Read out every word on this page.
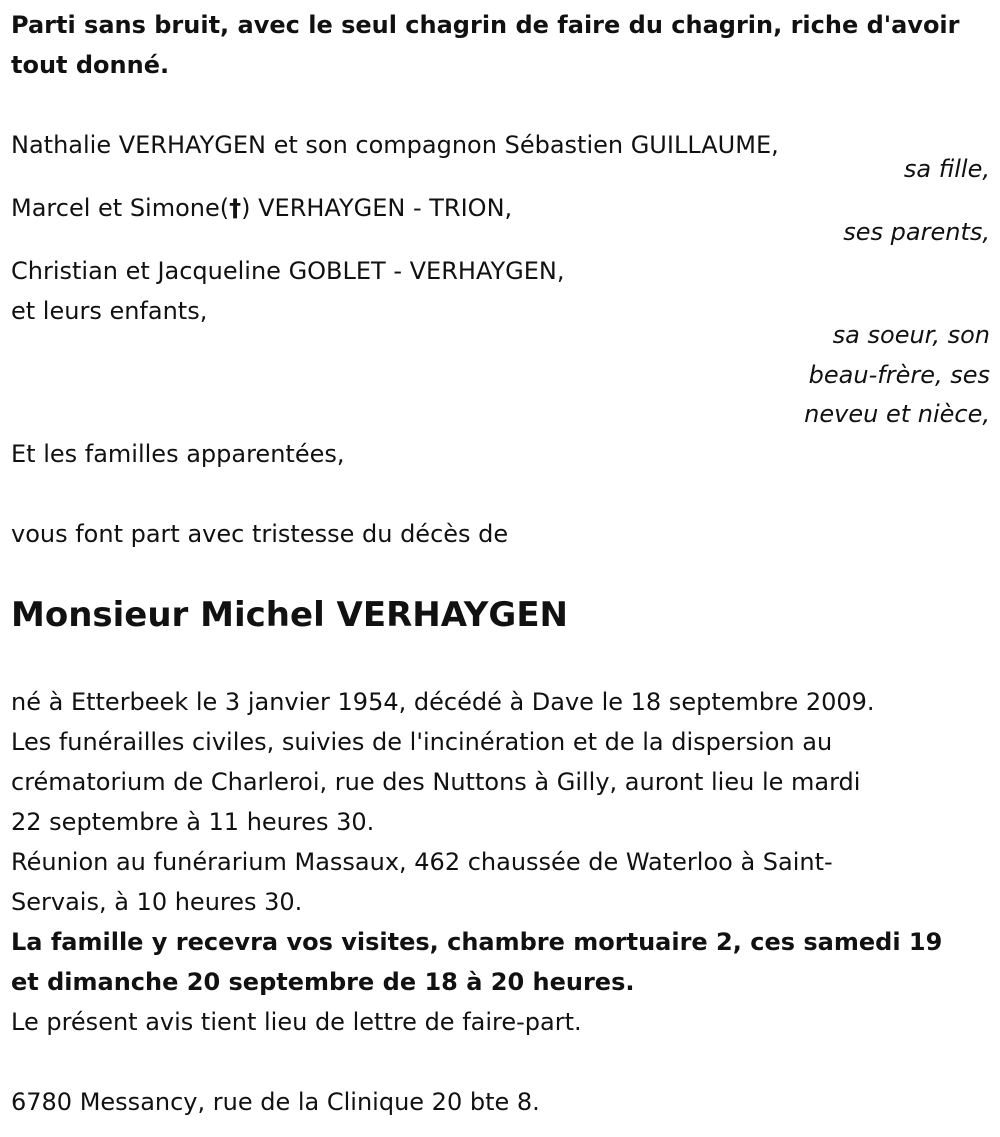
Parti sans bruit, avec le seul chagrin de faire du chagrin, riche d'avoir
tout donné.
Nathalie VERHAYGEN et son compagnon Sébastien GUILLAUME,
sa fille,
Marcel et Simone(†) VERHAYGEN - TRION,
ses parents,
Christian et Jacqueline GOBLET - VERHAYGEN,
et leurs enfants,
sa soeur, son
beau-frère, ses
neveu et nièce,
Et les familles apparentées,
vous font part avec tristesse du décès de
Monsieur Michel VERHAYGEN
né à Etterbeek le 3 janvier 1954, décédé à Dave le 18 septembre 2009.
Les funérailles civiles, suivies de l'incinération et de la dispersion au
crématorium de Charleroi, rue des Nuttons à Gilly, auront lieu le mardi
22 septembre à 11 heures 30.
Réunion au funérarium Massaux, 462 chaussée de Waterloo à Saint-
Servais, à 10 heures 30.
La famille y recevra vos visites, chambre mortuaire 2, ces samedi 19
et dimanche 20 septembre de 18 à 20 heures.
Le présent avis tient lieu de lettre de faire-part.
6780 Messancy, rue de la Clinique 20 bte 8.
